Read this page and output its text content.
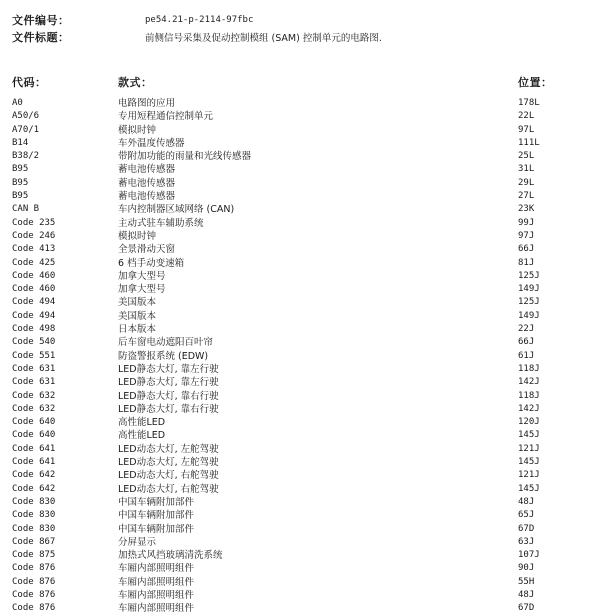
文件编号：	pe54.21-p-2114-97fbc
文件标题：	前侧信号采集及促动控制模组 (SAM) 控制单元的电路图.
代码：	款式：	位置：
A0	电路图的应用	178L
A50/6	专用短程通信控制单元	22L
A70/1	模拟时钟	97L
B14	车外温度传感器	111L
B38/2	带附加功能的雨量和光线传感器	25L
B95	蓄电池传感器	31L
B95	蓄电池传感器	29L
B95	蓄电池传感器	27L
CAN B	车内控制器区域网络 (CAN)	23K
Code 235	主动式驻车辅助系统	99J
Code 246	模拟时钟	97J
Code 413	全景滑动天窗	66J
Code 425	6 档手动变速箱	81J
Code 460	加拿大型号	125J
Code 460	加拿大型号	149J
Code 494	美国版本	125J
Code 494	美国版本	149J
Code 498	日本版本	22J
Code 540	后车窗电动遮阳百叶帘	66J
Code 551	防盗警报系统 (EDW)	61J
Code 631	LED静态大灯, 靠左行驶	118J
Code 631	LED静态大灯, 靠左行驶	142J
Code 632	LED静态大灯, 靠右行驶	118J
Code 632	LED静态大灯, 靠右行驶	142J
Code 640	高性能LED	120J
Code 640	高性能LED	145J
Code 641	LED动态大灯, 左舵驾驶	121J
Code 641	LED动态大灯, 左舵驾驶	145J
Code 642	LED动态大灯, 右舵驾驶	121J
Code 642	LED动态大灯, 右舵驾驶	145J
Code 830	中国车辆附加部件	48J
Code 830	中国车辆附加部件	65J
Code 830	中国车辆附加部件	67D
Code 867	分屏显示	63J
Code 875	加热式风挡玻璃清洗系统	107J
Code 876	车厢内部照明组件	90J
Code 876	车厢内部照明组件	55H
Code 876	车厢内部照明组件	48J
Code 876	车厢内部照明组件	67D
